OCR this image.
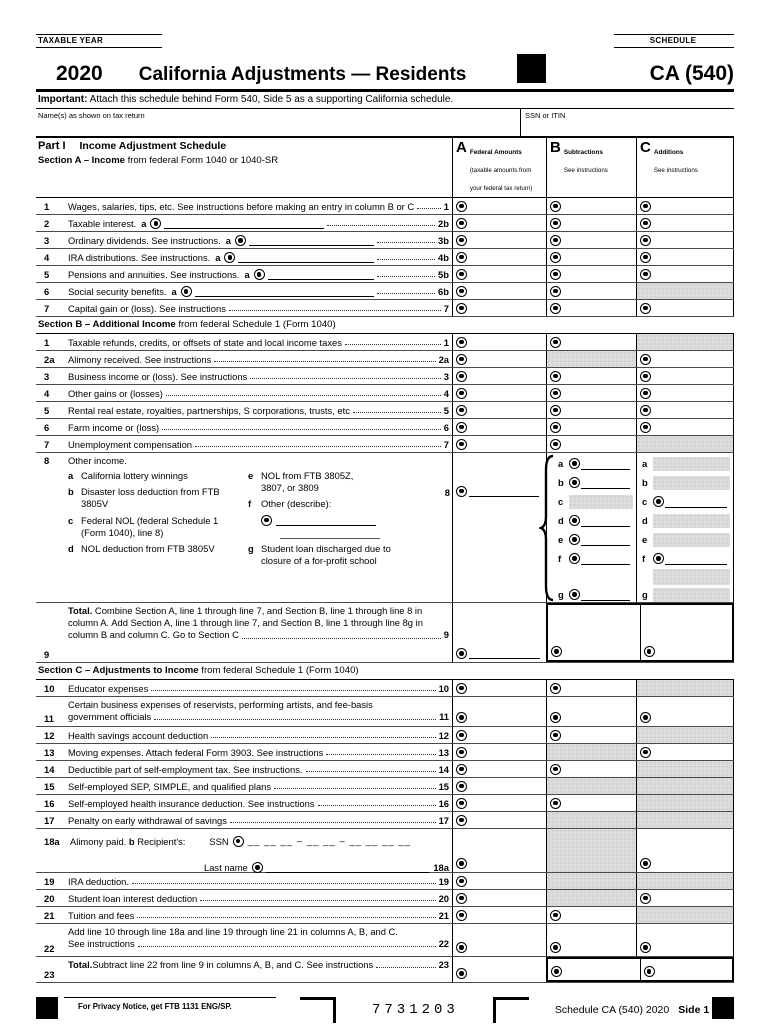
TAXABLE YEAR	SCHEDULE
2020 California Adjustments — Residents	CA (540)
Important: Attach this schedule behind Form 540, Side 5 as a supporting California schedule.
Name(s) as shown on tax return	SSN or ITIN
Part I Income Adjustment Schedule
Section A – Income from federal Form 1040 or 1040-SR
A Federal Amounts
(taxable amounts from your federal tax return)
B Subtractions
See instructions
C Additions
See instructions
1	Wages, salaries, tips, etc. See instructions before making an entry in column B or C	1
2	Taxable interest. a	2b
3	Ordinary dividends. See instructions. a	3b
4	IRA distributions. See instructions. a	4b
5	Pensions and annuities. See instructions. a	5b
6	Social security benefits. a	6b
7	Capital gain or (loss). See instructions	7
Section B – Additional Income from federal Schedule 1 (Form 1040)
1	Taxable refunds, credits, or offsets of state and local income taxes	1
2a	Alimony received. See instructions	2a
3	Business income or (loss). See instructions	3
4	Other gains or (losses)	4
5	Rental real estate, royalties, partnerships, S corporations, trusts, etc	5
6	Farm income or (loss)	6
7	Unemployment compensation	7
8	Other income.
a California lottery winnings
b Disaster loss deduction from FTB 3805V
c Federal NOL (federal Schedule 1
(Form 1040), line 8)
d NOL deduction from FTB 3805V
e NOL from FTB 3805Z,
3807, or 3809
f	Other (describe):
g Student loan discharged due to
closure of a for-profit school
8
a
b
c
d
e
f
g
a
b
c
d
e
f
g
9
Total. Combine Section A, line 1 through line 7, and Section B, line 1 through line 8 in
column A. Add Section A, line 1 through line 7, and Section B, line 1 through line 8g in
column B and column C. Go to Section C	9
Section C – Adjustments to Income from federal Schedule 1 (Form 1040)
10	Educator expenses	10
11
Certain business expenses of reservists, performing artists, and fee-basis
government officials	11
12	Health savings account deduction	12
13	Moving expenses. Attach federal Form 3903. See instructions	13
14	Deductible part of self-employment tax. See instructions.	14
15	Self-employed SEP, SIMPLE, and qualified plans	15
16	Self-employed health insurance deduction. See instructions	16
17	Penalty on early withdrawal of savings	17
18a	Alimony paid. b Recipient's:	SSN __ __ __ – __ __ – __ __ __ __
Last name	18a
19	IRA deduction.	19
20	Student loan interest deduction	20
21	Tuition and fees	21
22
Add line 10 through line 18a and line 19 through line 21 in columns A, B, and C.
See instructions	22
23
Total. Subtract line 22 from line 9 in columns A, B, and C. See instructions	23
For Privacy Notice, get FTB 1131 ENG/SP.	7731203	Schedule CA (540) 2020 Side 1
